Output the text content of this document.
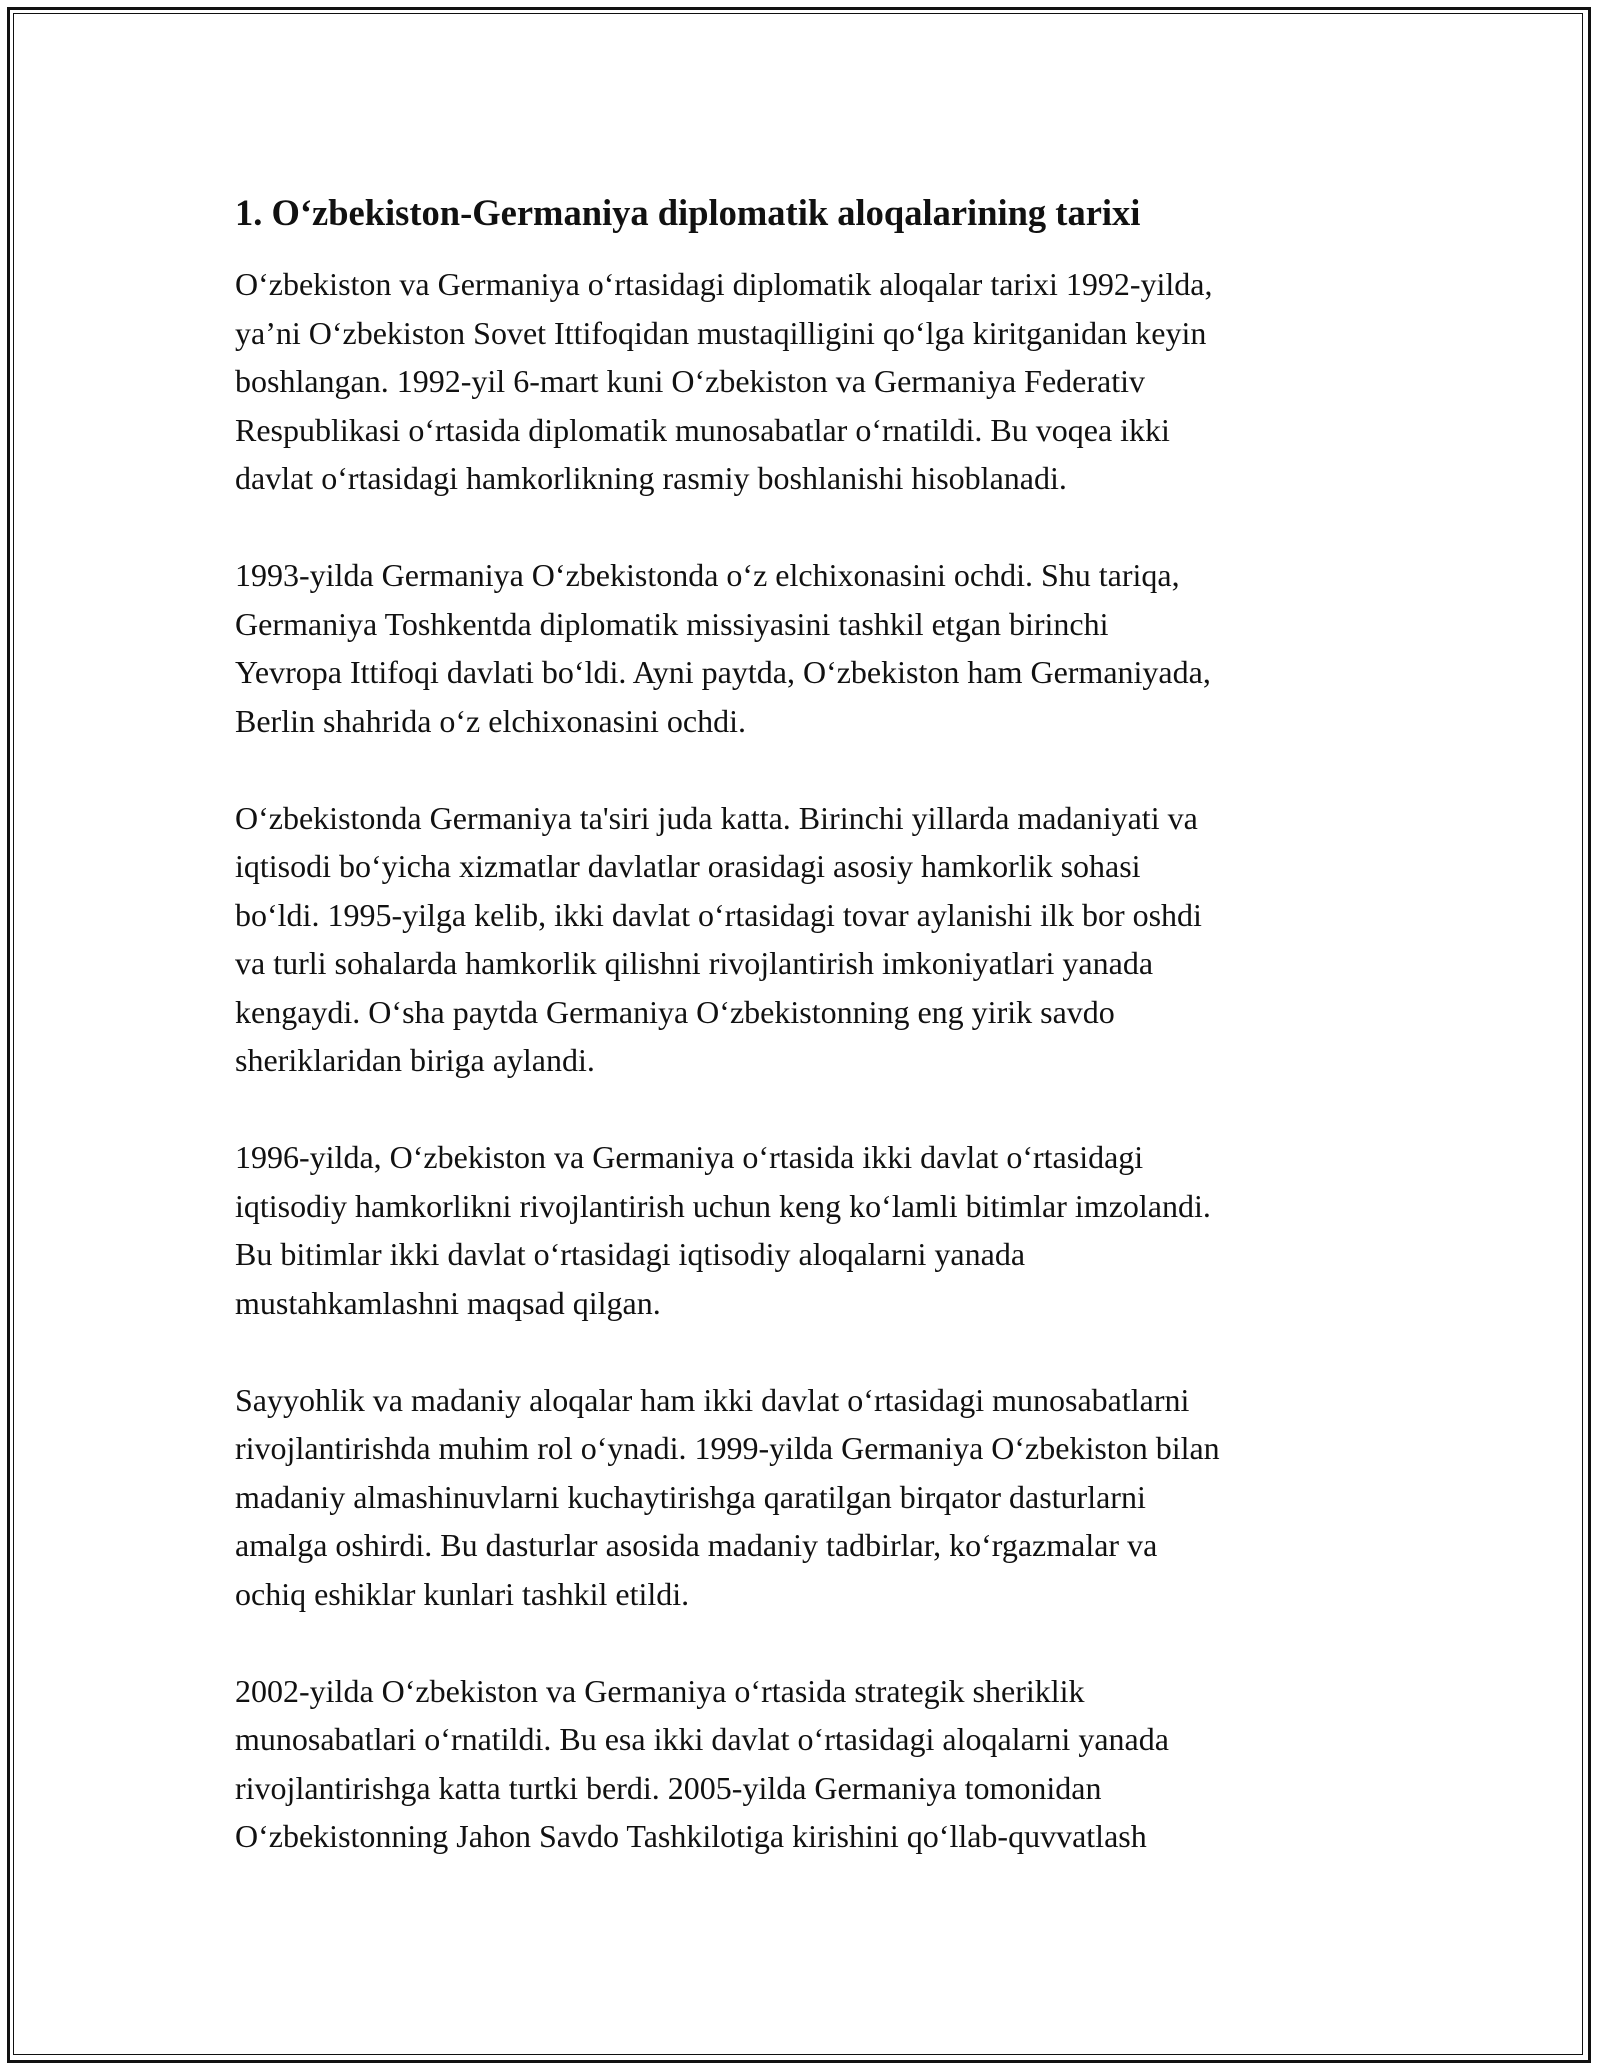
1. O‘zbekiston-Germaniya diplomatik aloqalarining tarixi

O‘zbekiston va Germaniya o‘rtasidagi diplomatik aloqalar tarixi 1992-yilda,
ya’ni O‘zbekiston Sovet Ittifoqidan mustaqilligini qo‘lga kiritganidan keyin
boshlangan. 1992-yil 6-mart kuni O‘zbekiston va Germaniya Federativ
Respublikasi o‘rtasida diplomatik munosabatlar o‘rnatildi. Bu voqea ikki
davlat o‘rtasidagi hamkorlikning rasmiy boshlanishi hisoblanadi.

1993-yilda Germaniya O‘zbekistonda o‘z elchixonasini ochdi. Shu tariqa,
Germaniya Toshkentda diplomatik missiyasini tashkil etgan birinchi
Yevropa Ittifoqi davlati bo‘ldi. Ayni paytda, O‘zbekiston ham Germaniyada,
Berlin shahrida o‘z elchixonasini ochdi.

O‘zbekistonda Germaniya ta'siri juda katta. Birinchi yillarda madaniyati va
iqtisodi bo‘yicha xizmatlar davlatlar orasidagi asosiy hamkorlik sohasi
bo‘ldi. 1995-yilga kelib, ikki davlat o‘rtasidagi tovar aylanishi ilk bor oshdi
va turli sohalarda hamkorlik qilishni rivojlantirish imkoniyatlari yanada
kengaydi. O‘sha paytda Germaniya O‘zbekistonning eng yirik savdo
sheriklaridan biriga aylandi.

1996-yilda, O‘zbekiston va Germaniya o‘rtasida ikki davlat o‘rtasidagi
iqtisodiy hamkorlikni rivojlantirish uchun keng ko‘lamli bitimlar imzolandi.
Bu bitimlar ikki davlat o‘rtasidagi iqtisodiy aloqalarni yanada
mustahkamlashni maqsad qilgan.

Sayyohlik va madaniy aloqalar ham ikki davlat o‘rtasidagi munosabatlarni
rivojlantirishda muhim rol o‘ynadi. 1999-yilda Germaniya O‘zbekiston bilan
madaniy almashinuvlarni kuchaytirishga qaratilgan birqator dasturlarni
amalga oshirdi. Bu dasturlar asosida madaniy tadbirlar, ko‘rgazmalar va
ochiq eshiklar kunlari tashkil etildi.

2002-yilda O‘zbekiston va Germaniya o‘rtasida strategik sheriklik
munosabatlari o‘rnatildi. Bu esa ikki davlat o‘rtasidagi aloqalarni yanada
rivojlantirishga katta turtki berdi. 2005-yilda Germaniya tomonidan
O‘zbekistonning Jahon Savdo Tashkilotiga kirishini qo‘llab-quvvatlash
